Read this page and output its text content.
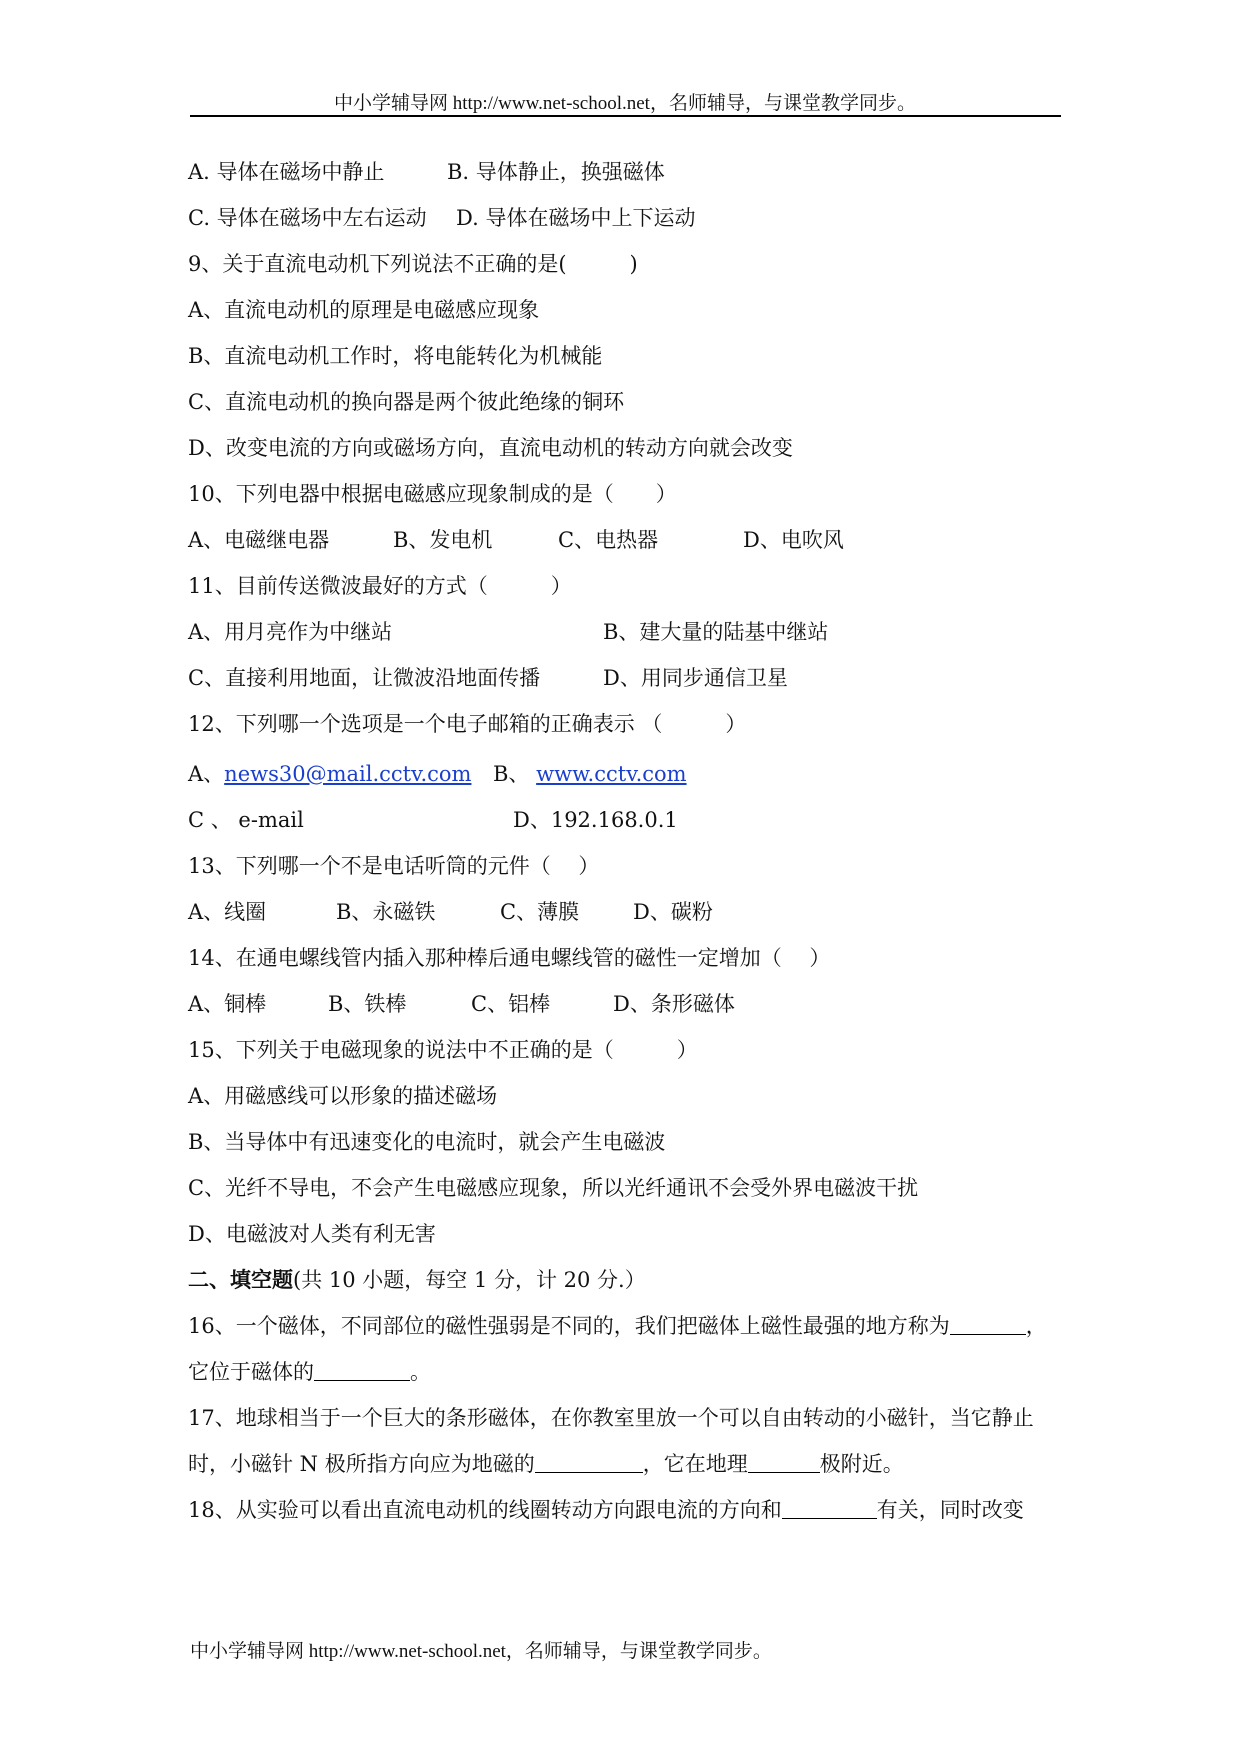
中小学辅导网 http://www.net-school.net，名师辅导，与课堂教学同步。
A. 导体在磁场中静止	B. 导体静止，换强磁体
C. 导体在磁场中左右运动 D. 导体在磁场中上下运动
9、关于直流电动机下列说法不正确的是(　　　)
A、直流电动机的原理是电磁感应现象
B、直流电动机工作时，将电能转化为机械能
C、直流电动机的换向器是两个彼此绝缘的铜环
D、改变电流的方向或磁场方向，直流电动机的转动方向就会改变
10、下列电器中根据电磁感应现象制成的是（　　）
A、电磁继电器	B、发电机	C、电热器	D、电吹风
11、目前传送微波最好的方式（　　　）
A、用月亮作为中继站	B、建大量的陆基中继站
C、直接利用地面，让微波沿地面传播	D、用同步通信卫星
12、下列哪一个选项是一个电子邮箱的正确表示 （　　　）
A、news30@mail.cctv.com B、 www.cctv.com
C 、 e-mail	D、192.168.0.1
13、下列哪一个不是电话听筒的元件（　 ）
A、线圈	B、永磁铁	C、薄膜	D、碳粉
14、在通电螺线管内插入那种棒后通电螺线管的磁性一定增加（　 ）
A、铜棒	B、铁棒	C、铝棒	D、条形磁体
15、下列关于电磁现象的说法中不正确的是（　　　）
A、用磁感线可以形象的描述磁场
B、当导体中有迅速变化的电流时，就会产生电磁波
C、光纤不导电，不会产生电磁感应现象，所以光纤通讯不会受外界电磁波干扰
D、电磁波对人类有利无害
二、填空题(共 10 小题，每空 1 分，计 20 分.）
16、一个磁体，不同部位的磁性强弱是不同的，我们把磁体上磁性最强的地方称为	，
它位于磁体的	。
17、地球相当于一个巨大的条形磁体，在你教室里放一个可以自由转动的小磁针，当它静止
时，小磁针 N 极所指方向应为地磁的	，它在地理	极附近。
18、从实验可以看出直流电动机的线圈转动方向跟电流的方向和	有关，同时改变
中小学辅导网 http://www.net-school.net，名师辅导，与课堂教学同步。
